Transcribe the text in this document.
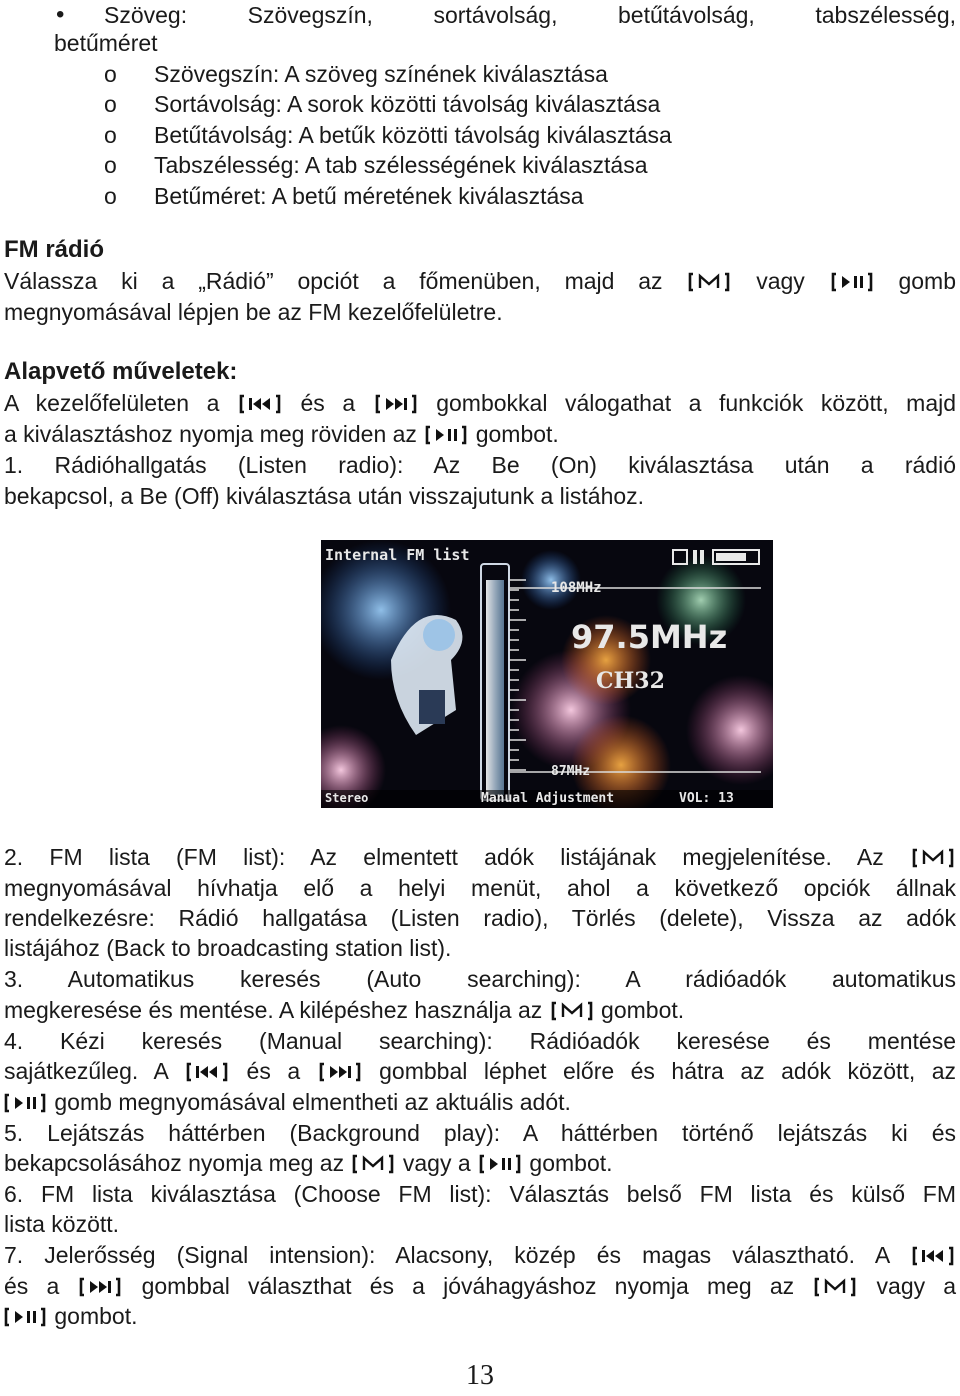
Szöveg: Szövegszín, sortávolság, betűtávolság, tabszélesség,
•
betűméret
o Szövegszín: A szöveg színének kiválasztása
o Sortávolság: A sorok közötti távolság kiválasztása
o Betűtávolság: A betűk közötti távolság kiválasztása
o Tabszélesség: A tab szélességének kiválasztása
o Betűméret: A betű méretének kiválasztása
FM rádió
Válassza ki a „Rádió” opciót a főmenüben, majd az	vagy	gomb
megnyomásával lépjen be az FM kezelőfelületre.
Alapvető műveletek:
A kezelőfelületen a	és a	gombokkal válogathat a funkciók között, majd
a kiválasztáshoz nyomja meg röviden az	gombot.
1. Rádióhallgatás (Listen radio): Az Be (On) kiválasztása után a rádió
bekapcsol, a Be (Off) kiválasztása után visszajutunk a listához.
Internal FM list
108MHz
97.5MHz
CH32
87MHz
Stereo	Manual Adjustment	VOL: 13
2. FM lista (FM list): Az elmentett adók listájának megjelenítése. Az
megnyomásával hívhatja elő a helyi menüt, ahol a következő opciók állnak
rendelkezésre: Rádió hallgatása (Listen radio), Törlés (delete), Vissza az adók
listájához (Back to broadcasting station list).
3. Automatikus keresés (Auto searching): A rádióadók automatikus
megkeresése és mentése. A kilépéshez használja az	gombot.
4. Kézi keresés (Manual searching): Rádióadók keresése és mentése
sajátkezűleg. A	és a	gombbal léphet előre és hátra az adók között, az
gomb megnyomásával elmentheti az aktuális adót.
5. Lejátszás háttérben (Background play): A háttérben történő lejátszás ki és
bekapcsolásához nyomja meg az	vagy a	gombot.
6. FM lista kiválasztása (Choose FM list): Választás belső FM lista és külső FM
lista között.
7. Jelerősség (Signal intension): Alacsony, közép és magas választható. A
és a	gombbal választhat és a jóváhagyáshoz nyomja meg az	vagy a
gombot.
13
